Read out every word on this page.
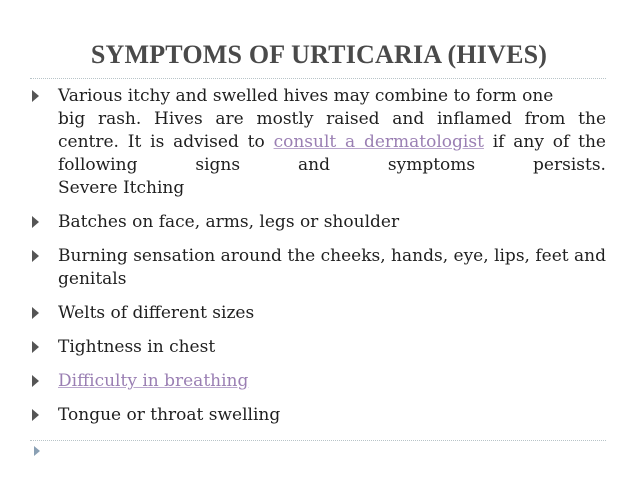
SYMPTOMS OF URTICARIA (HIVES)
Various itchy and swelled hives may combine to form one
big rash. Hives are mostly raised and inflamed from the
centre. It is advised to consult a dermatologist if any of the
following	signs	and	symptoms	persists.
Severe Itching
Batches on face, arms, legs or shoulder
Burning sensation around the cheeks, hands, eye, lips, feet and genitals
Welts of different sizes
Tightness in chest
Difficulty in breathing
Tongue or throat swelling
